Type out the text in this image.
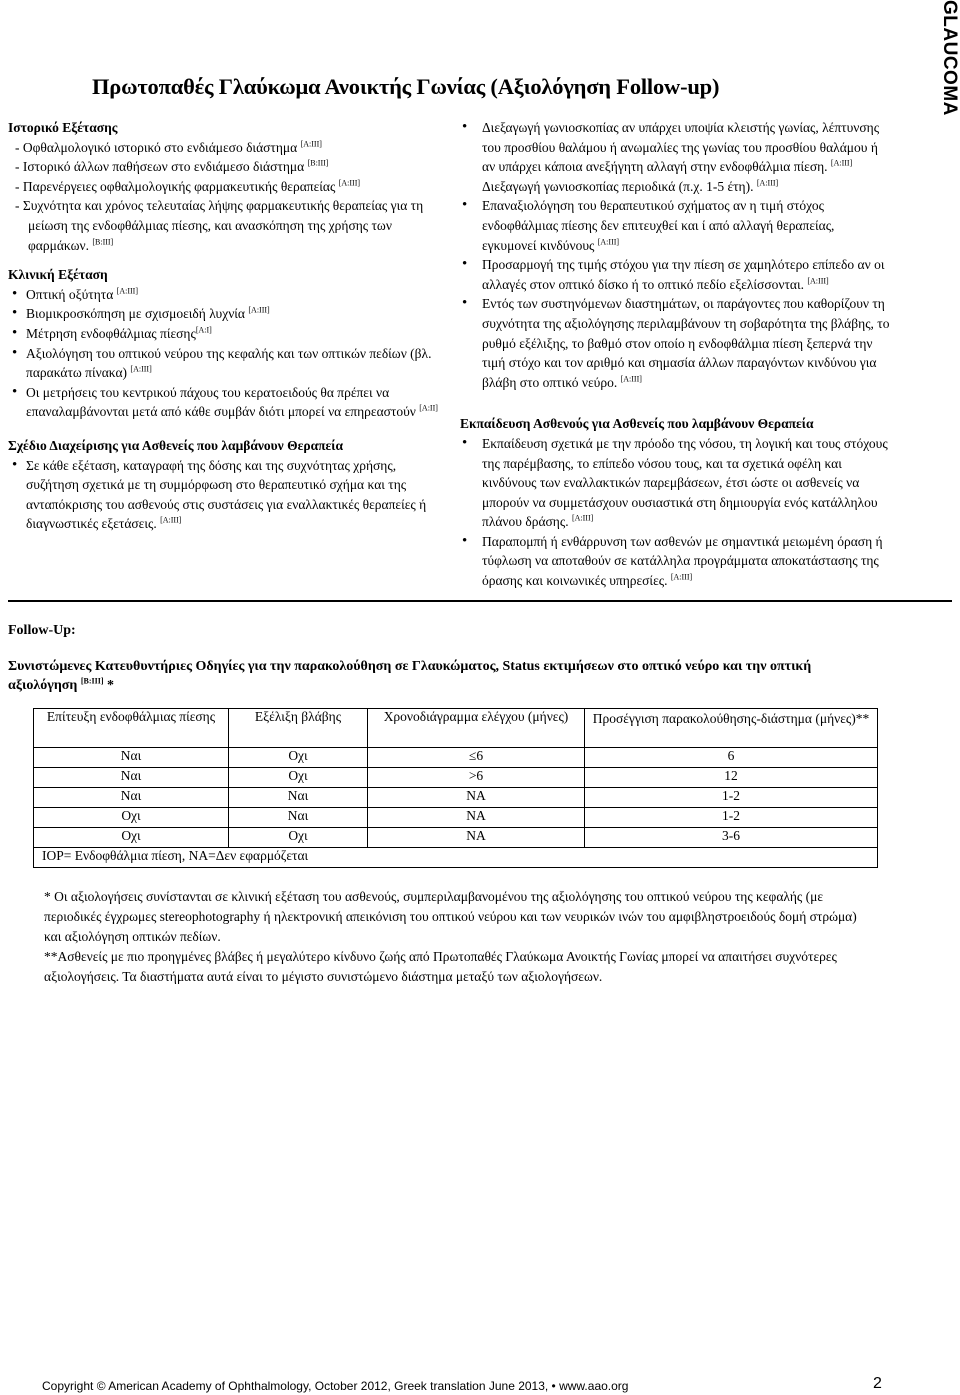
GLAUCOMA
Πρωτοπαθές Γλαύκωμα Ανοικτής Γωνίας (Αξιολόγηση Follow-up)
Ιστορικό Εξέτασης
- Οφθαλμολογικό ιστορικό στο ενδιάμεσο διάστημα [A:III]
- Ιστορικό άλλων παθήσεων στο ενδιάμεσο διάστημα [B:III]
- Παρενέργειες οφθαλμολογικής φαρμακευτικής θεραπείας [A:III]
- Συχνότητα και χρόνος τελευταίας λήψης φαρμακευτικής θεραπείας για τη μείωση της ενδοφθάλμιας πίεσης, και ανασκόπηση της χρήσης των φαρμάκων. [B:III]
Κλινική Εξέταση
• Οπτική οξύτητα [A:III]
• Βιομικροσκόπηση με σχισμοειδή λυχνία [A:III]
• Μέτρηση ενδοφθάλμιας πίεσης[A:I]
• Αξιολόγηση του οπτικού νεύρου της κεφαλής και των οπτικών πεδίων (βλ. παρακάτω πίνακα) [A:III]
• Οι μετρήσεις του κεντρικού πάχους του κερατοειδούς θα πρέπει να επαναλαμβάνονται μετά από κάθε συμβάν διότι μπορεί να επηρεαστούν [A:II]
Σχέδιο Διαχείρισης για Ασθενείς που λαμβάνουν Θεραπεία
• Σε κάθε εξέταση, καταγραφή της δόσης και της συχνότητας χρήσης, συζήτηση σχετικά με τη συμμόρφωση στο θεραπευτικό σχήμα και της ανταπόκρισης του ασθενούς στις συστάσεις για εναλλακτικές θεραπείες ή διαγνωστικές εξετάσεις. [A:III]
• Διεξαγωγή γωνιοσκοπίας αν υπάρχει υποψία κλειστής γωνίας, λέπτυνσης του προσθίου θαλάμου ή ανωμαλίες της γωνίας του προσθίου θαλάμου ή αν υπάρχει κάποια ανεξήγητη αλλαγή στην ενδοφθάλμια πίεση. [A:III] Διεξαγωγή γωνιοσκοπίας περιοδικά (π.χ. 1-5 έτη). [A:III]
• Επαναξιολόγηση του θεραπευτικού σχήματος αν η τιμή στόχος ενδοφθάλμιας πίεσης δεν επιτευχθεί και ί από αλλαγή θεραπείας, εγκυμονεί κινδύνους [A:III]
• Προσαρμογή της τιμής στόχου για την πίεση σε χαμηλότερο επίπεδο αν οι αλλαγές στον οπτικό δίσκο ή το οπτικό πεδίο εξελίσσονται. [A:III]
• Εντός των συστηνόμενων διαστημάτων, οι παράγοντες που καθορίζουν τη συχνότητα της αξιολόγησης περιλαμβάνουν τη σοβαρότητα της βλάβης, το ρυθμό εξέλιξης, το βαθμό στον οποίο η ενδοφθάλμια πίεση ξεπερνά την τιμή στόχο και τον αριθμό και σημασία άλλων παραγόντων κινδύνου για βλάβη στο οπτικό νεύρο. [A:III]
Εκπαίδευση Ασθενούς για Ασθενείς που λαμβάνουν Θεραπεία
• Εκπαίδευση σχετικά με την πρόοδο της νόσου, τη λογική και τους στόχους της παρέμβασης, το επίπεδο νόσου τους, και τα σχετικά οφέλη και κινδύνους των εναλλακτικών παρεμβάσεων, έτσι ώστε οι ασθενείς να μπορούν να συμμετάσχουν ουσιαστικά στη δημιουργία ενός κατάλληλου πλάνου δράσης. [A:III]
• Παραπομπή ή ενθάρρυνση των ασθενών με σημαντικά μειωμένη όραση ή τύφλωση να αποταθούν σε κατάλληλα προγράμματα αποκατάστασης της όρασης και κοινωνικές υπηρεσίες. [A:III]
Follow-Up:
Συνιστώμενες Κατευθυντήριες Οδηγίες για την παρακολούθηση σε Γλαυκώματος, Status εκτιμήσεων στο οπτικό νεύρο και την οπτική αξιολόγηση [B:III] *
Επίτευξη ενδοφθάλμιας πίεσης	Εξέλιξη βλάβης	Χρονοδιάγραμμα ελέγχου (μήνες)	Προσέγγιση παρακολούθησης-διάστημα (μήνες)**
Ναι	Οχι	≤6	6
Ναι	Οχι	>6	12
Ναι	Ναι	NA	1-2
Οχι	Ναι	NA	1-2
Οχι	Οχι	NA	3-6
IOP= Ενδοφθάλμια πίεση, NA=Δεν εφαρμόζεται			
* Οι αξιολογήσεις συνίστανται σε κλινική εξέταση του ασθενούς, συμπεριλαμβανομένου της αξιολόγησης του οπτικού νεύρου της κεφαλής (με περιοδικές έγχρωμες stereophotography ή ηλεκτρονική απεικόνιση του οπτικού νεύρου και των νευρικών ινών του αμφιβληστροειδούς δομή στρώμα) και αξιολόγηση οπτικών πεδίων.
**Ασθενείς με πιο προηγμένες βλάβες ή μεγαλύτερο κίνδυνο ζωής από Πρωτοπαθές Γλαύκωμα Ανοικτής Γωνίας μπορεί να απαιτήσει συχνότερες αξιολογήσεις. Τα διαστήματα αυτά είναι το μέγιστο συνιστώμενο διάστημα μεταξύ των αξιολογήσεων.
Copyright © American Academy of Ophthalmology, October 2012, Greek translation June 2013, • www.aao.org	2
